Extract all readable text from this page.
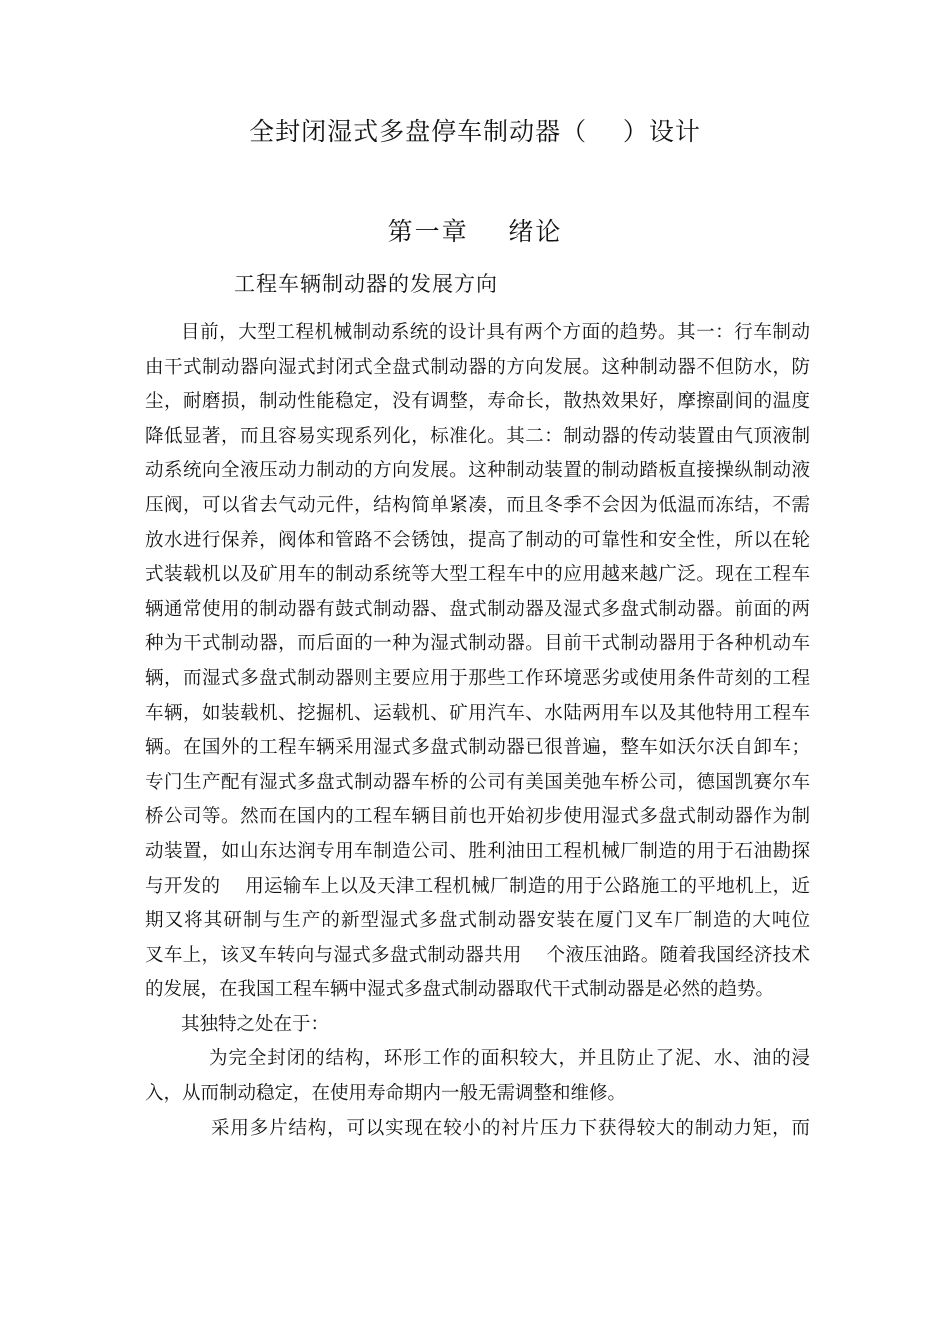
全封闭湿式多盘停车制动器（    ）设计
第一章    绪论
工程车辆制动器的发展方向
目前，大型工程机械制动系统的设计具有两个方面的趋势。其一：行车制动
由干式制动器向湿式封闭式全盘式制动器的方向发展。这种制动器不但防水，防
尘，耐磨损，制动性能稳定，没有调整，寿命长，散热效果好，摩擦副间的温度
降低显著，而且容易实现系列化，标准化。其二：制动器的传动装置由气顶液制
动系统向全液压动力制动的方向发展。这种制动装置的制动踏板直接操纵制动液
压阀，可以省去气动元件，结构简单紧凑，而且冬季不会因为低温而冻结，不需
放水进行保养，阀体和管路不会锈蚀，提高了制动的可靠性和安全性，所以在轮
式装载机以及矿用车的制动系统等大型工程车中的应用越来越广泛。现在工程车
辆通常使用的制动器有鼓式制动器、盘式制动器及湿式多盘式制动器。前面的两
种为干式制动器，而后面的一种为湿式制动器。目前干式制动器用于各种机动车
辆，而湿式多盘式制动器则主要应用于那些工作环境恶劣或使用条件苛刻的工程
车辆，如装载机、挖掘机、运载机、矿用汽车、水陆两用车以及其他特用工程车
辆。在国外的工程车辆采用湿式多盘式制动器已很普遍，整车如沃尔沃自卸车；
专门生产配有湿式多盘式制动器车桥的公司有美国美弛车桥公司，德国凯赛尔车
桥公司等。然而在国内的工程车辆目前也开始初步使用湿式多盘式制动器作为制
动装置，如山东达润专用车制造公司、胜利油田工程机械厂制造的用于石油勘探
与开发的    用运输车上以及天津工程机械厂制造的用于公路施工的平地机上，近
期又将其研制与生产的新型湿式多盘式制动器安装在厦门叉车厂制造的大吨位
叉车上，该叉车转向与湿式多盘式制动器共用    个液压油路。随着我国经济技术
的发展，在我国工程车辆中湿式多盘式制动器取代干式制动器是必然的趋势。
其独特之处在于：
为完全封闭的结构，环形工作的面积较大，并且防止了泥、水、油的浸
入，从而制动稳定，在使用寿命期内一般无需调整和维修。
采用多片结构，可以实现在较小的衬片压力下获得较大的制动力矩，而
